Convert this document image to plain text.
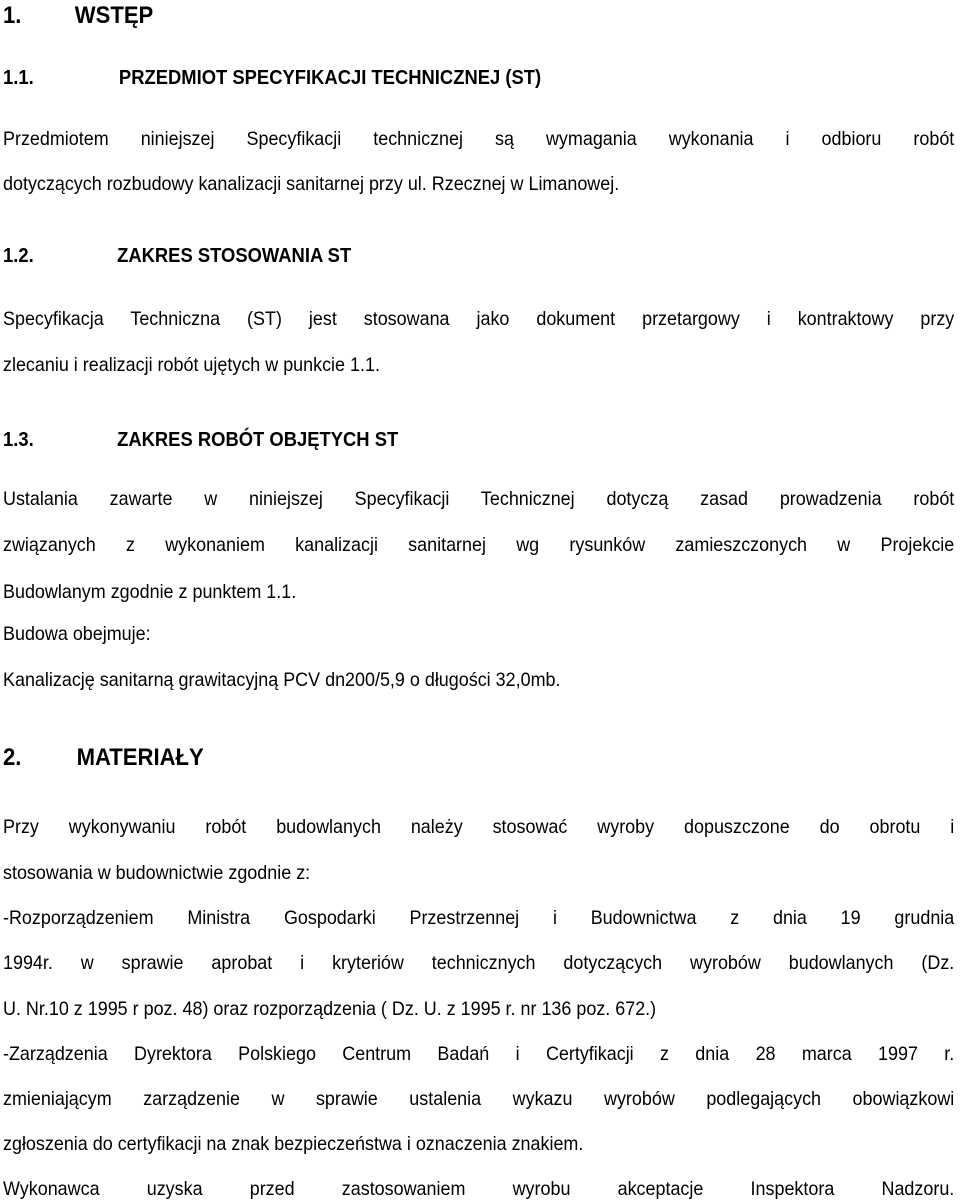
1. WSTĘP
1.1.	PRZEDMIOT SPECYFIKACJI TECHNICZNEJ (ST)
Przedmiotem niniejszej Specyfikacji technicznej są wymagania wykonania i odbioru robót
dotyczących rozbudowy kanalizacji sanitarnej przy ul. Rzecznej w Limanowej.
1.2.	ZAKRES STOSOWANIA ST
Specyfikacja Techniczna (ST) jest stosowana jako dokument przetargowy i kontraktowy przy
zlecaniu i realizacji robót ujętych w punkcie 1.1.
1.3.	ZAKRES ROBÓT OBJĘTYCH ST
Ustalania zawarte w niniejszej Specyfikacji Technicznej dotyczą zasad prowadzenia robót
związanych z wykonaniem kanalizacji sanitarnej wg rysunków zamieszczonych w Projekcie
Budowlanym zgodnie z punktem 1.1.
Budowa obejmuje:
Kanalizację sanitarną grawitacyjną PCV dn200/5,9 o długości 32,0mb.
2. MATERIAŁY
Przy wykonywaniu robót budowlanych należy stosować wyroby dopuszczone do obrotu i
stosowania w budownictwie zgodnie z:
-Rozporządzeniem Ministra Gospodarki Przestrzennej i Budownictwa z dnia 19 grudnia
1994r. w sprawie aprobat i kryteriów technicznych dotyczących wyrobów budowlanych (Dz.
U. Nr.10 z 1995 r poz. 48) oraz rozporządzenia ( Dz. U. z 1995 r. nr 136 poz. 672.)
-Zarządzenia Dyrektora Polskiego Centrum Badań i Certyfikacji z dnia 28 marca 1997 r.
zmieniającym zarządzenie w sprawie ustalenia wykazu wyrobów podlegających obowiązkowi
zgłoszenia do certyfikacji na znak bezpieczeństwa i oznaczenia znakiem.
Wykonawca uzyska przed zastosowaniem wyrobu akceptacje Inspektora Nadzoru.
